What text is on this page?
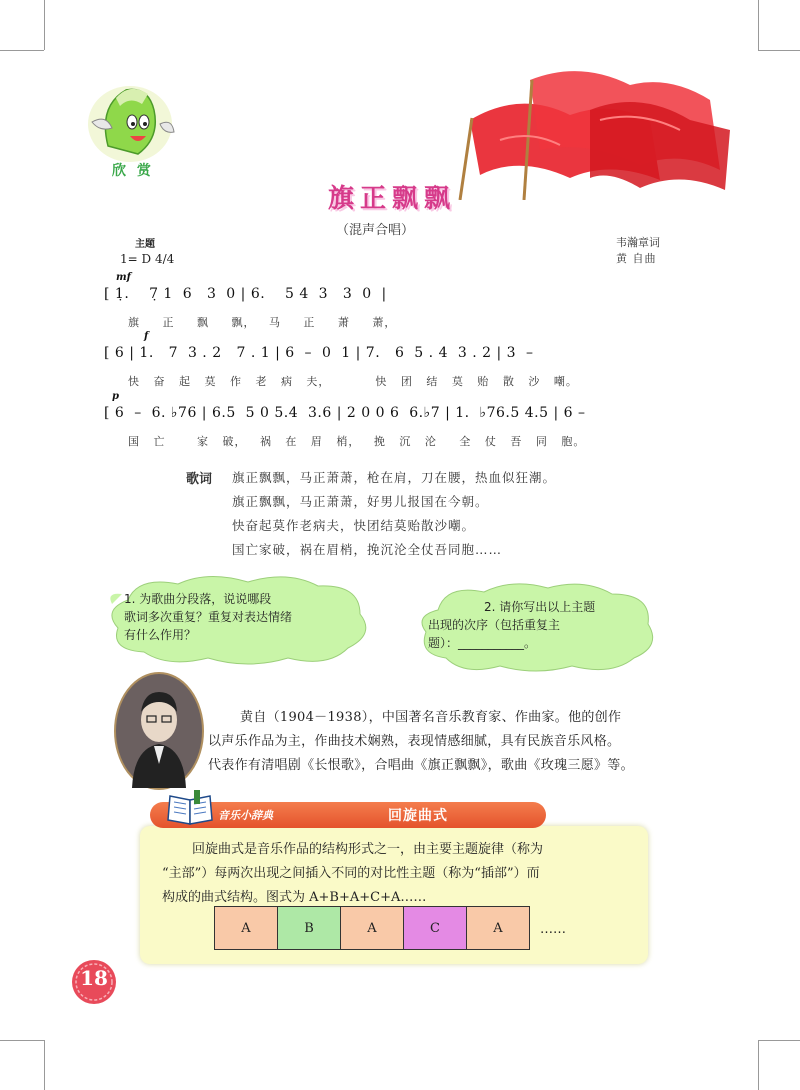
欣 赏
旗正飘飘
（混声合唱）
韦瀚章词
黄 自曲
主题
1= D 4/4
mf
[ 1̣.    7̣ 1  6   3  0 | 6.    5 4  3   3  0  |
旗     正     飘     飘，   马     正     萧     萧，
f
[ 6 | 1.   7  3 . 2   7 . 1 | 6  –  0  1 | 7.   6  5 . 4  3 . 2 | 3  –
快   奋   起   莫   作   老   病   夫，          快   团   结   莫   贻   散   沙   嘲。
p
[ 6  –  6. ♭76 | 6.5  5 0 5.4  3.6 | 2 0 0 6  6.♭7 | 1.  ♭76.5 4.5 | 6 –
国   亡       家   破，   祸   在   眉   梢，   挽   沉   沦     全   仗   吾   同   胞。
歌词 旗正飘飘，马正萧萧，枪在肩，刀在腰，热血似狂潮。
旗正飘飘，马正萧萧，好男儿报国在今朝。
快奋起莫作老病夫，快团结莫贻散沙嘲。
国亡家破，祸在眉梢，挽沉沦全仗吾同胞……
1. 为歌曲分段落，说说哪段
歌词多次重复？重复对表达情绪
有什么作用？
2. 请你写出以上主题
出现的次序（包括重复主
题）：___________。
黄自（1904－1938），中国著名音乐教育家、作曲家。他的创作
以声乐作品为主，作曲技术娴熟，表现情感细腻，具有民族音乐风格。
代表作有清唱剧《长恨歌》，合唱曲《旗正飘飘》，歌曲《玫瑰三愿》等。
音乐小辞典	回旋曲式
回旋曲式是音乐作品的结构形式之一，由主要主题旋律（称为
“主部”）每两次出现之间插入不同的对比性主题（称为“插部”）而
构成的曲式结构。图式为 A+B+A+C+A……
A	B	A	C	A	……
18
